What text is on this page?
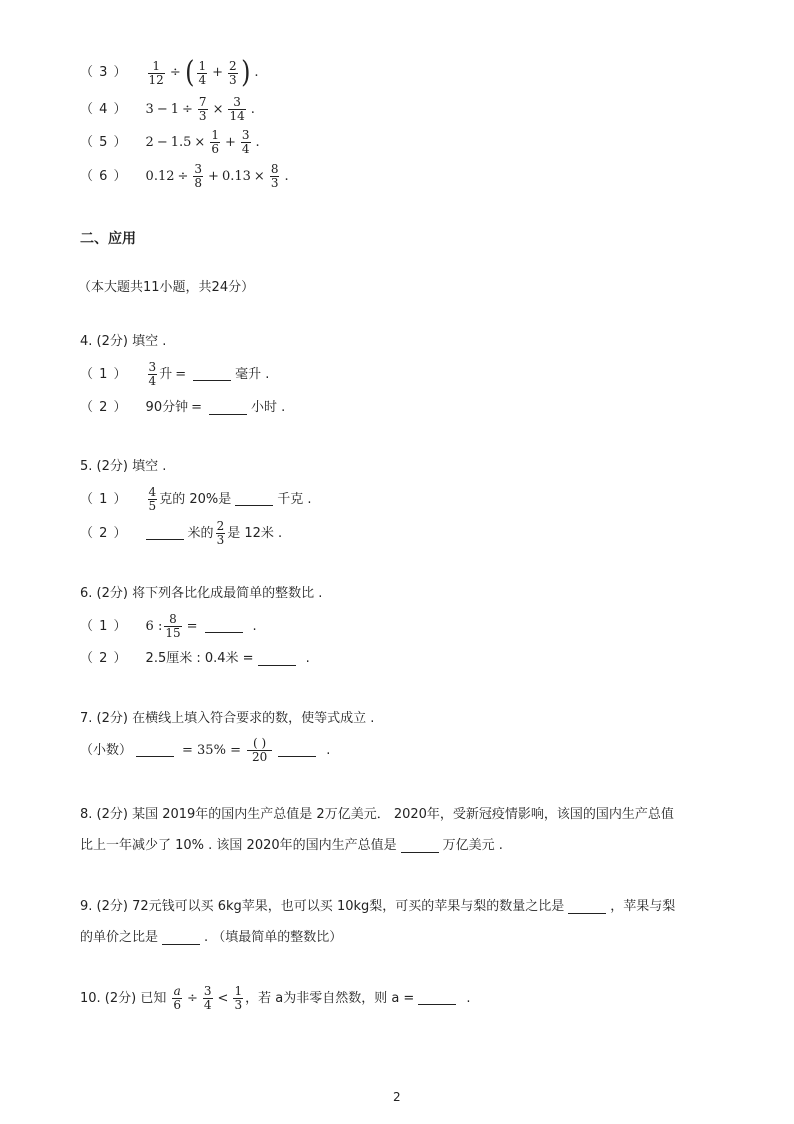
（ 3 ） $\frac{1}{12}$ ÷ ( $\frac{1}{4} + \frac{2}{3}$ ) .
（ 4 ） $3 - 1 \div \frac{7}{3} \times \frac{3}{14}$ .
（ 5 ） $2 - 1.5 \times \frac{1}{6} + \frac{3}{4}$ .
（ 6 ） $0.12 \div \frac{3}{8} + 0.13 \times \frac{8}{3}$ .
二、应用
（本大题共11小题，共24分）
4. (2分) 填空 .
（ 1 ） $\frac{3}{4}$ 升 =	毫升 .
（ 2 ） 90分钟 =	小时 .
5. (2分) 填空 .
（ 1 ） $\frac{4}{5}$ 克的 20%是	千克 .
（ 2 ）	米的 $\frac{2}{3}$ 是 12米 .
6. (2分) 将下列各比化成最简单的整数比 .
（ 1 ） 6 : $\frac{8}{15}$ =	.
（ 2 ） 2.5厘米 : 0.4米 =	.
7. (2分) 在横线上填入符合要求的数，使等式成立 .
（小数）	= $35\% = \frac{( )}{20}$	.
8. (2分) 某国 2019年的国内生产总值是 2万亿美元． 2020年，受新冠疫情影响，该国的国内生产总值
比上一年减少了 10% . 该国 2020年的国内生产总值是	万亿美元 .
9. (2分) 72元钱可以买 6kg苹果，也可以买 10kg梨，可买的苹果与梨的数量之比是	，苹果与梨
的单价之比是	. （填最简单的整数比）
10. (2分) 已知 $\frac{a}{6} \div \frac{3}{4} < \frac{1}{3}$ ，若 a为非零自然数，则 a =	.
2
